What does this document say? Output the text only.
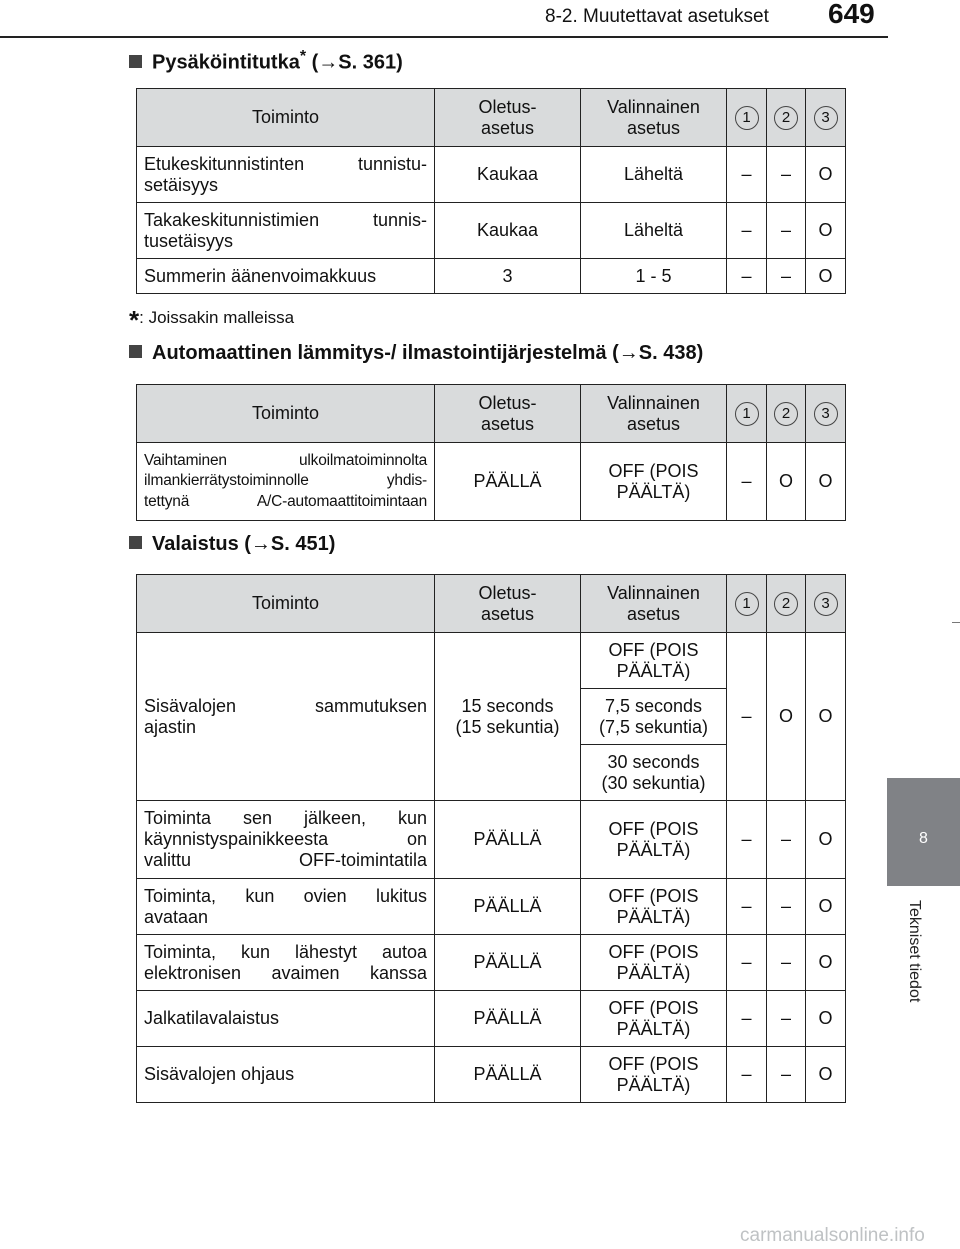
8-2. Muutettavat asetukset 649
8
Tekniset tiedot
Pysäköintitutka* (→S. 361)
Toiminto	Oletus-
asetus	Valinnainen
asetus	1	2	3
Etukeskitunnistinten tunnistu-
setäisyys	Kaukaa	Läheltä	–	–	O
Takakeskitunnistimien tunnis-
tusetäisyys	Kaukaa	Läheltä	–	–	O
Summerin äänenvoimakkuus	3	1 - 5	–	–	O
*: Joissakin malleissa
Automaattinen lämmitys-/ ilmastointijärjestelmä (→S. 438)
Toiminto	Oletus-
asetus	Valinnainen
asetus	1	2	3
Vaihtaminen ulkoilmatoiminnolta
ilmankierrätystoiminnolle yhdis-
tettynä A/C-automaattitoimintaan	PÄÄLLÄ	OFF (POIS
PÄÄLTÄ)	–	O	O
Valaistus (→S. 451)
Toiminto	Oletus-
asetus	Valinnainen
asetus	1	2	3
Sisävalojen sammutuksen
ajastin	15 seconds
(15 sekuntia)	OFF (POIS
PÄÄLTÄ)	–	O	O
		7,5 seconds
(7,5 sekuntia)			
		30 seconds
(30 sekuntia)			
Toiminta sen jälkeen, kun
käynnistyspainikkeesta on
valittu OFF-toimintatila	PÄÄLLÄ	OFF (POIS
PÄÄLTÄ)	–	–	O
Toiminta, kun ovien lukitus
avataan	PÄÄLLÄ	OFF (POIS
PÄÄLTÄ)	–	–	O
Toiminta, kun lähestyt autoa
elektronisen avaimen kanssa	PÄÄLLÄ	OFF (POIS
PÄÄLTÄ)	–	–	O
Jalkatilavalaistus	PÄÄLLÄ	OFF (POIS
PÄÄLTÄ)	–	–	O
Sisävalojen ohjaus	PÄÄLLÄ	OFF (POIS
PÄÄLTÄ)	–	–	O
carmanualsonline.info
